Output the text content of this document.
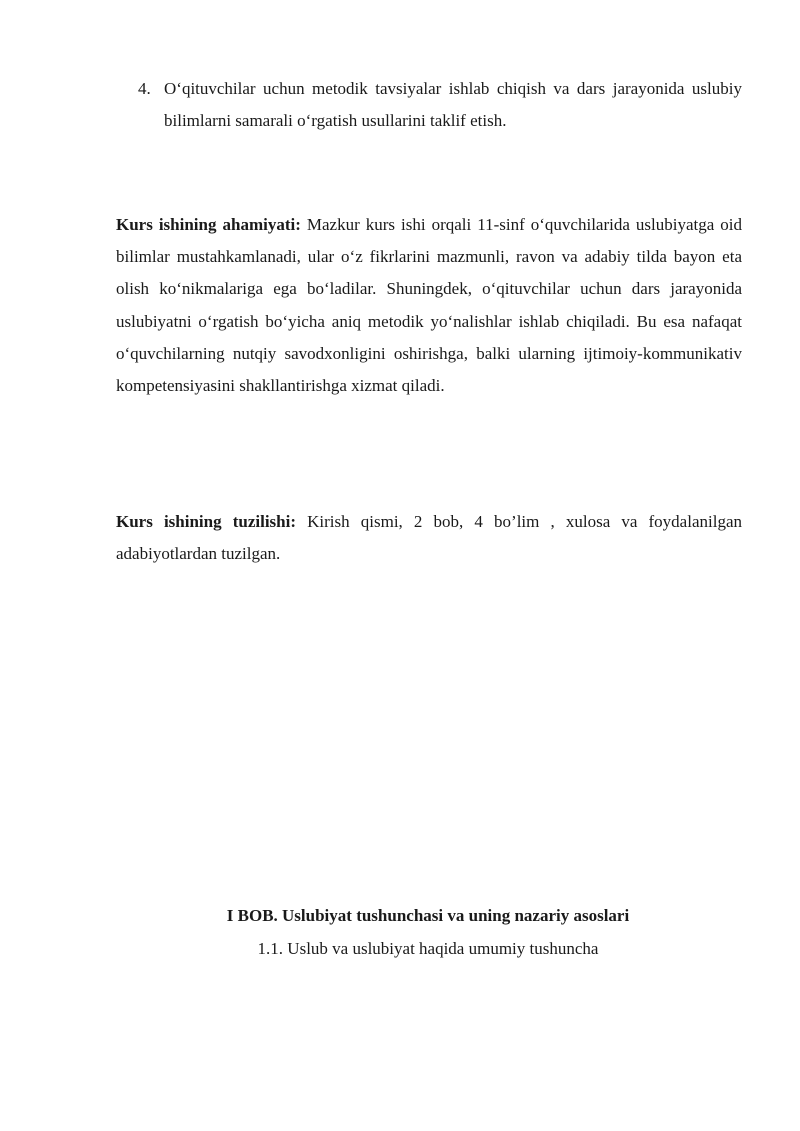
4. O‘qituvchilar uchun metodik tavsiyalar ishlab chiqish va dars jarayonida uslubiy bilimlarni samarali o‘rgatish usullarini taklif etish.
Kurs ishining ahamiyati: Mazkur kurs ishi orqali 11-sinf o‘quvchilarida uslubiyatga oid bilimlar mustahkamlanadi, ular o‘z fikrlarini mazmunli, ravon va adabiy tilda bayon eta olish ko‘nikmalariga ega bo‘ladilar. Shuningdek, o‘qituvchilar uchun dars jarayonida uslubiyatni o‘rgatish bo‘yicha aniq metodik yo‘nalishlar ishlab chiqiladi. Bu esa nafaqat o‘quvchilarning nutqiy savodxonligini oshirishga, balki ularning ijtimoiy-kommunikativ kompetensiyasini shakllantirishga xizmat qiladi.
Kurs ishining tuzilishi: Kirish qismi, 2 bob, 4 bo’lim , xulosa va foydalanilgan adabiyotlardan tuzilgan.
I BOB. Uslubiyat tushunchasi va uning nazariy asoslari
1.1. Uslub va uslubiyat haqida umumiy tushuncha
